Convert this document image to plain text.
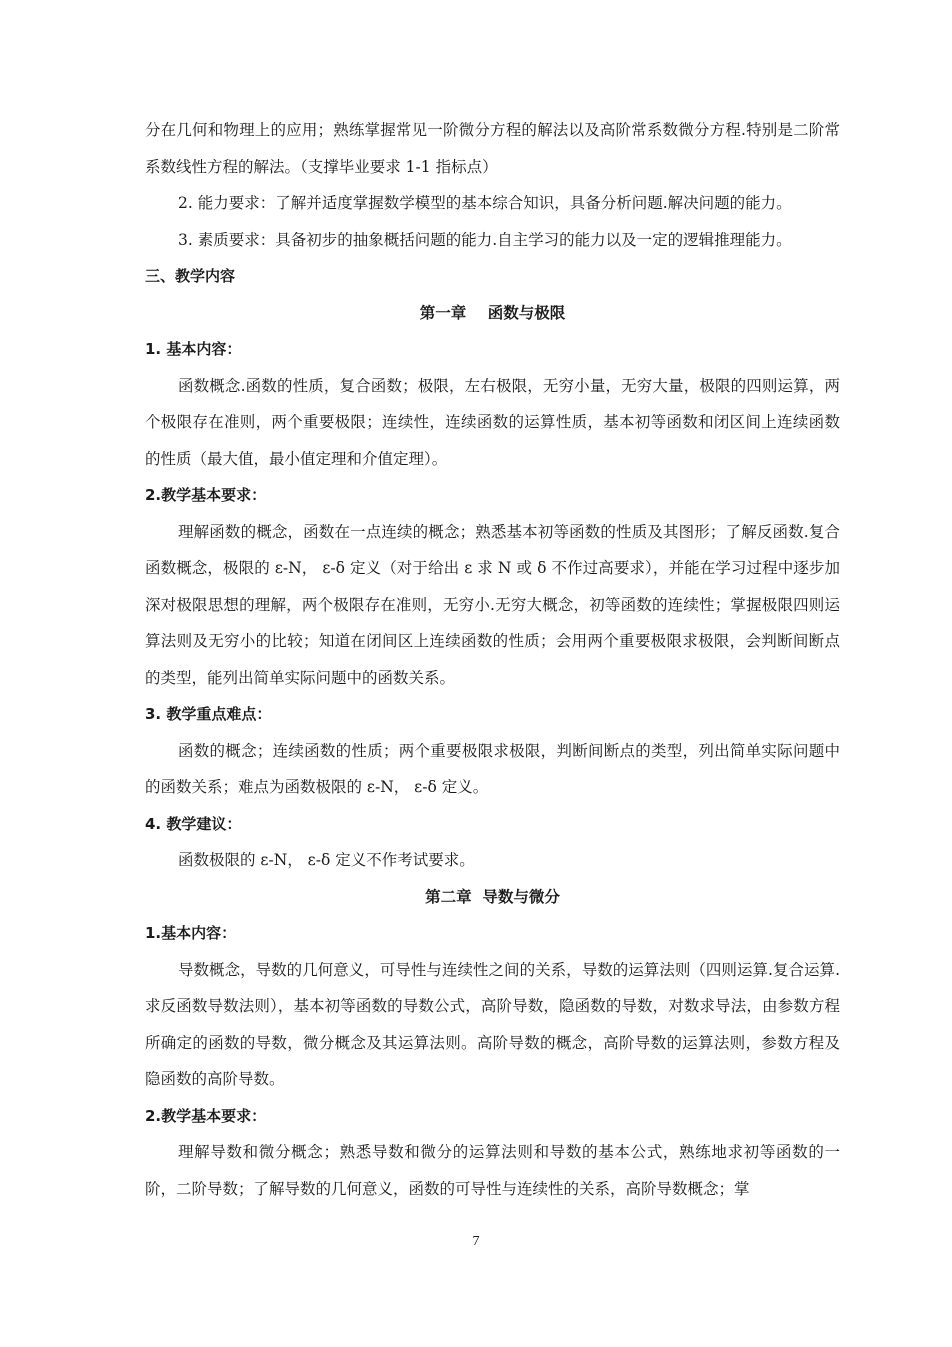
分在几何和物理上的应用；熟练掌握常见一阶微分方程的解法以及高阶常系数微分方程.特别是二阶常系数线性方程的解法。（支撑毕业要求 1-1 指标点）

2. 能力要求：了解并适度掌握数学模型的基本综合知识，具备分析问题.解决问题的能力。

3. 素质要求：具备初步的抽象概括问题的能力.自主学习的能力以及一定的逻辑推理能力。

三、教学内容

第一章    函数与极限

1. 基本内容：

函数概念.函数的性质，复合函数；极限，左右极限，无穷小量，无穷大量，极限的四则运算，两个极限存在准则，两个重要极限；连续性，连续函数的运算性质，基本初等函数和闭区间上连续函数的性质（最大值，最小值定理和介值定理）。

2.教学基本要求：

理解函数的概念，函数在一点连续的概念；熟悉基本初等函数的性质及其图形；了解反函数.复合函数概念，极限的 ε-N， ε-δ 定义（对于给出 ε 求 N 或 δ 不作过高要求），并能在学习过程中逐步加深对极限思想的理解，两个极限存在准则，无穷小.无穷大概念，初等函数的连续性；掌握极限四则运算法则及无穷小的比较；知道在闭间区上连续函数的性质；会用两个重要极限求极限，会判断间断点的类型，能列出简单实际问题中的函数关系。

3. 教学重点难点：

函数的概念；连续函数的性质；两个重要极限求极限，判断间断点的类型，列出简单实际问题中的函数关系；难点为函数极限的 ε-N， ε-δ 定义。

4. 教学建议：

函数极限的 ε-N， ε-δ 定义不作考试要求。

第二章  导数与微分

1.基本内容：

导数概念，导数的几何意义，可导性与连续性之间的关系，导数的运算法则（四则运算.复合运算.求反函数导数法则），基本初等函数的导数公式，高阶导数，隐函数的导数，对数求导法，由参数方程所确定的函数的导数，微分概念及其运算法则。高阶导数的概念，高阶导数的运算法则，参数方程及隐函数的高阶导数。

2.教学基本要求：

理解导数和微分概念；熟悉导数和微分的运算法则和导数的基本公式，熟练地求初等函数的一阶，二阶导数；了解导数的几何意义，函数的可导性与连续性的关系，高阶导数概念；掌

7
